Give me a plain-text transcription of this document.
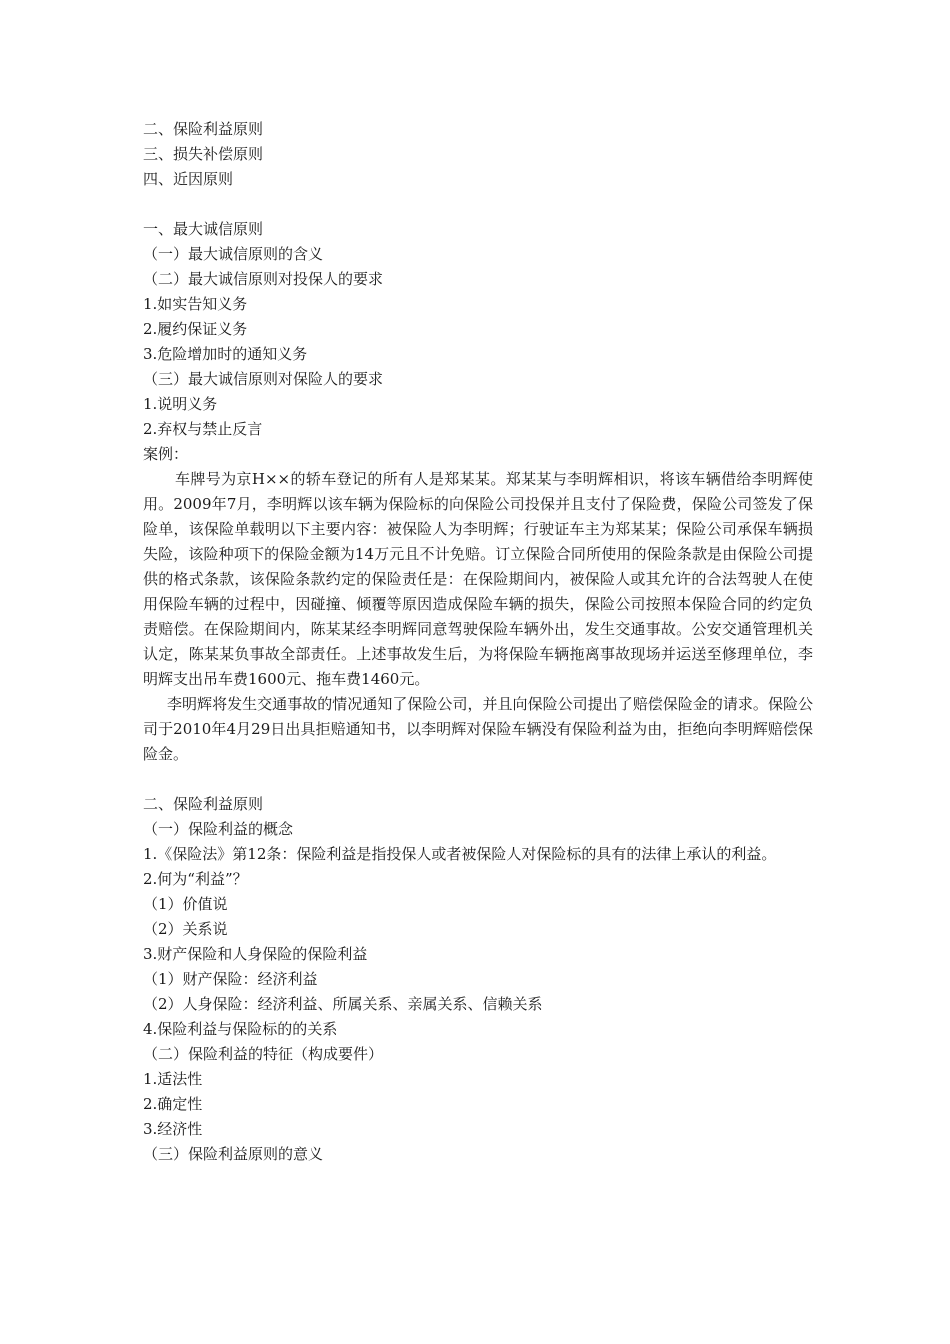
二、保险利益原则
三、损失补偿原则
四、近因原则
一、最大诚信原则
（一）最大诚信原则的含义
（二）最大诚信原则对投保人的要求
1.如实告知义务
2.履约保证义务
3.危险增加时的通知义务
（三）最大诚信原则对保险人的要求
1.说明义务
2.弃权与禁止反言
案例：

车牌号为京H××的轿车登记的所有人是郑某某。郑某某与李明辉相识，将该车辆借给李明辉使用。2009年7月，李明辉以该车辆为保险标的向保险公司投保并且支付了保险费，保险公司签发了保险单，该保险单载明以下主要内容：被保险人为李明辉；行驶证车主为郑某某；保险公司承保车辆损失险，该险种项下的保险金额为14万元且不计免赔。订立保险合同所使用的保险条款是由保险公司提供的格式条款，该保险条款约定的保险责任是：在保险期间内，被保险人或其允许的合法驾驶人在使用保险车辆的过程中，因碰撞、倾覆等原因造成保险车辆的损失，保险公司按照本保险合同的约定负责赔偿。在保险期间内，陈某某经李明辉同意驾驶保险车辆外出，发生交通事故。公安交通管理机关认定，陈某某负事故全部责任。上述事故发生后，为将保险车辆拖离事故现场并运送至修理单位，李明辉支出吊车费1600元、拖车费1460元。

李明辉将发生交通事故的情况通知了保险公司，并且向保险公司提出了赔偿保险金的请求。保险公司于2010年4月29日出具拒赔通知书，以李明辉对保险车辆没有保险利益为由，拒绝向李明辉赔偿保险金。

二、保险利益原则
（一）保险利益的概念

1.《保险法》第12条：保险利益是指投保人或者被保险人对保险标的具有的法律上承认的利益。

2.何为“利益”？
（1）价值说
（2）关系说
3.财产保险和人身保险的保险利益
（1）财产保险：经济利益
（2）人身保险：经济利益、所属关系、亲属关系、信赖关系
4.保险利益与保险标的的关系
（二）保险利益的特征（构成要件）
1.适法性
2.确定性
3.经济性
（三）保险利益原则的意义
